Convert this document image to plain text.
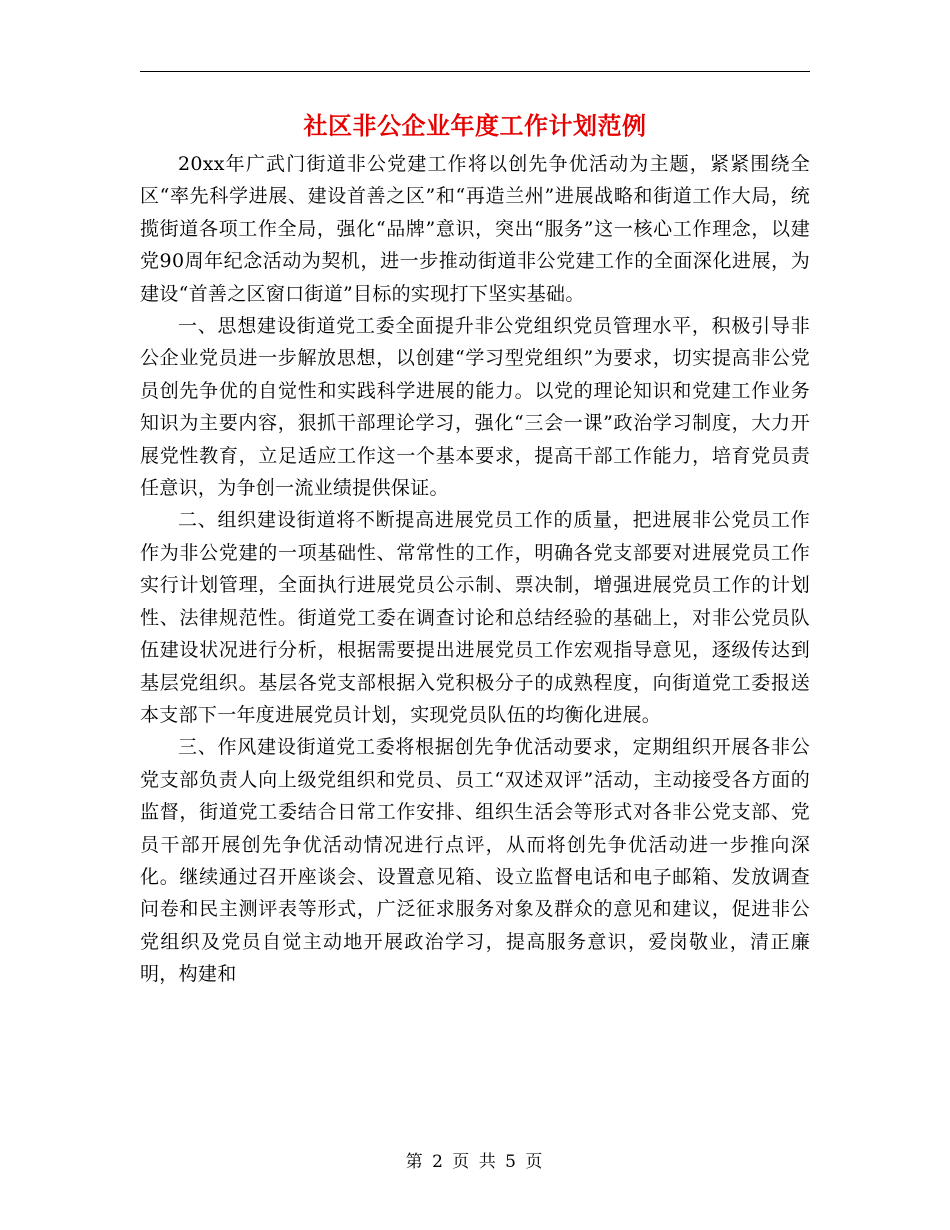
社区非公企业年度工作计划范例

20xx年广武门街道非公党建工作将以创先争优活动为主题，紧紧围绕全区“率先科学进展、建设首善之区”和“再造兰州”进展战略和街道工作大局，统揽街道各项工作全局，强化“品牌”意识，突出“服务”这一核心工作理念，以建党90周年纪念活动为契机，进一步推动街道非公党建工作的全面深化进展，为建设“首善之区窗口街道”目标的实现打下坚实基础。

一、思想建设街道党工委全面提升非公党组织党员管理水平，积极引导非公企业党员进一步解放思想，以创建“学习型党组织”为要求，切实提高非公党员创先争优的自觉性和实践科学进展的能力。以党的理论知识和党建工作业务知识为主要内容，狠抓干部理论学习，强化“三会一课”政治学习制度，大力开展党性教育，立足适应工作这一个基本要求，提高干部工作能力，培育党员责任意识，为争创一流业绩提供保证。

二、组织建设街道将不断提高进展党员工作的质量，把进展非公党员工作作为非公党建的一项基础性、常常性的工作，明确各党支部要对进展党员工作实行计划管理，全面执行进展党员公示制、票决制，增强进展党员工作的计划性、法律规范性。街道党工委在调查讨论和总结经验的基础上，对非公党员队伍建设状况进行分析，根据需要提出进展党员工作宏观指导意见，逐级传达到基层党组织。基层各党支部根据入党积极分子的成熟程度，向街道党工委报送本支部下一年度进展党员计划，实现党员队伍的均衡化进展。

三、作风建设街道党工委将根据创先争优活动要求，定期组织开展各非公党支部负责人向上级党组织和党员、员工“双述双评”活动，主动接受各方面的监督，街道党工委结合日常工作安排、组织生活会等形式对各非公党支部、党员干部开展创先争优活动情况进行点评，从而将创先争优活动进一步推向深化。继续通过召开座谈会、设置意见箱、设立监督电话和电子邮箱、发放调查问卷和民主测评表等形式，广泛征求服务对象及群众的意见和建议，促进非公党组织及党员自觉主动地开展政治学习，提高服务意识，爱岗敬业，清正廉明，构建和

第 2 页 共 5 页
